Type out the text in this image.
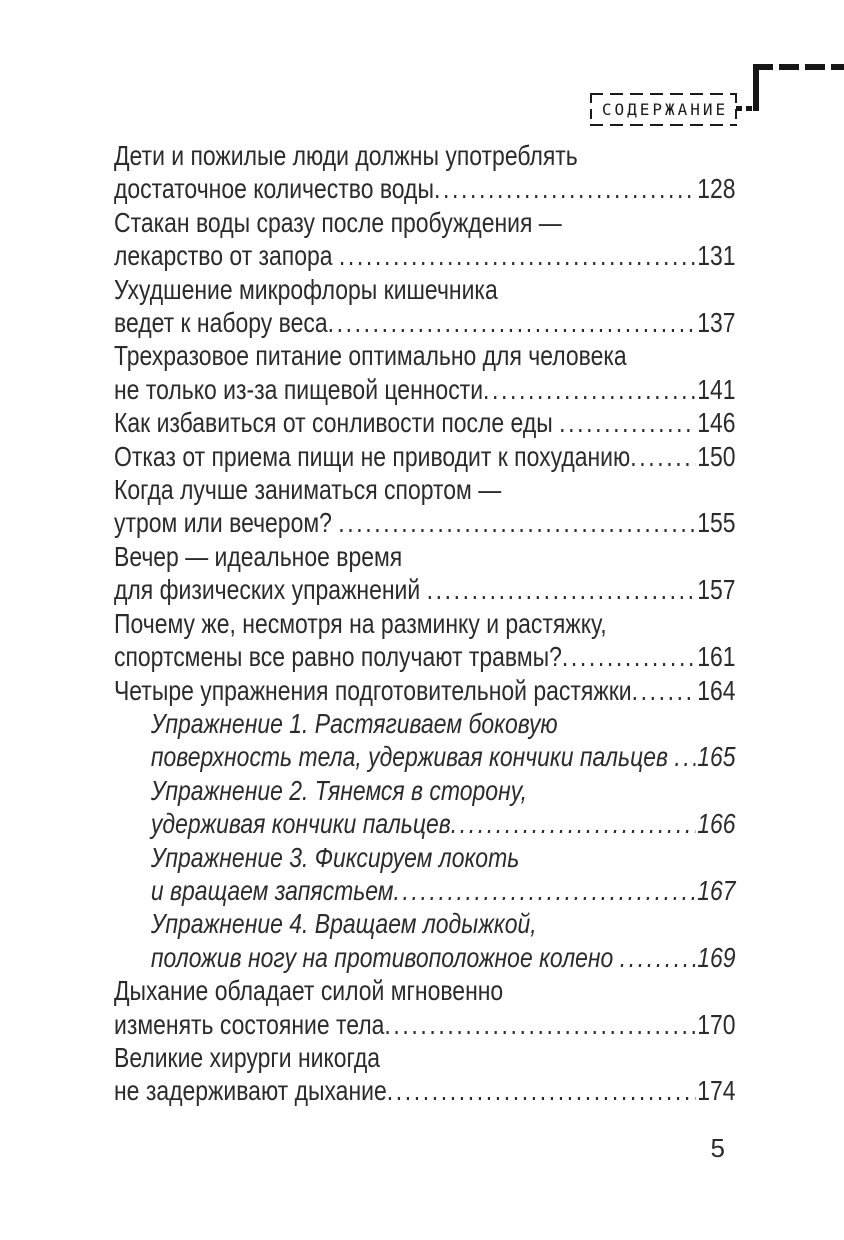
СОДЕРЖАНИЕ
Дети и пожилые люди должны употреблять
достаточное количество воды .....	128
Стакан воды сразу после пробуждения —
лекарство от запора .....	131
Ухудшение микрофлоры кишечника
ведет к набору веса .....	137
Трехразовое питание оптимально для человека
не только из-за пищевой ценности .....	141
Как избавиться от сонливости после еды .....	146
Отказ от приема пищи не приводит к похуданию ..... 150
Когда лучше заниматься спортом —
утром или вечером? .....	155
Вечер — идеальное время
для физических упражнений .....	157
Почему же, несмотря на разминку и растяжку,
спортсмены все равно получают травмы? .....	161
Четыре упражнения подготовительной растяжки ..... 164
Упражнение 1. Растягиваем боковую
поверхность тела, удерживая кончики пальцев ..... 165
Упражнение 2. Тянемся в сторону,
удерживая кончики пальцев .....	166
Упражнение 3. Фиксируем локоть
и вращаем запястьем .....	167
Упражнение 4. Вращаем лодыжкой,
положив ногу на противоположное колено .....	169
Дыхание обладает силой мгновенно
изменять состояние тела .....	170
Великие хирурги никогда
не задерживают дыхание .....	174
5
